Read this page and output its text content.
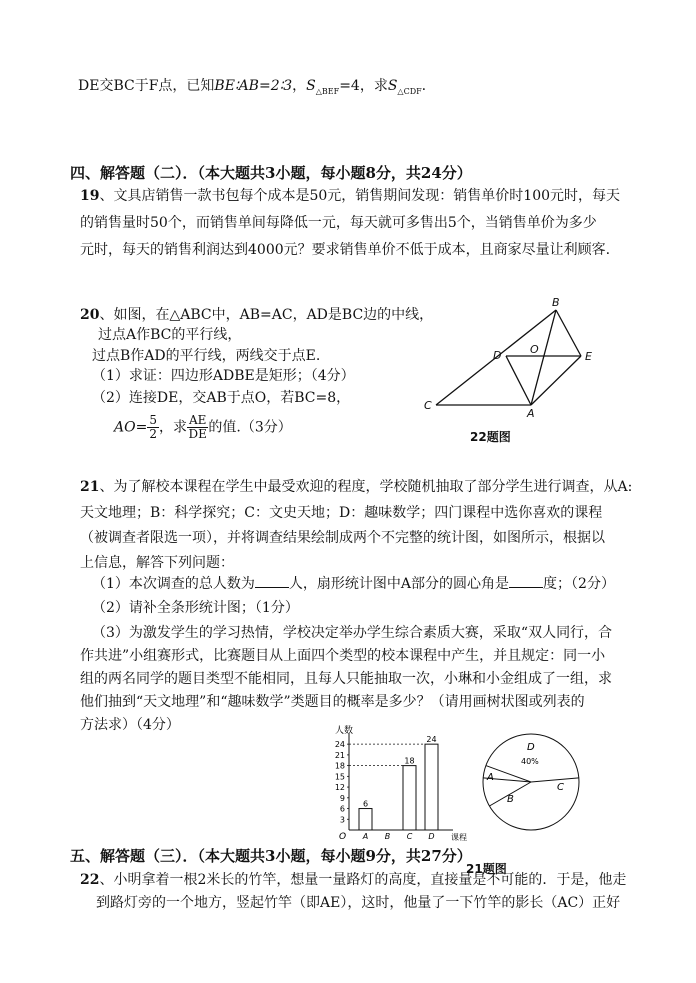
DE交BC于F点，已知BE∶AB=2∶3，$S_{\triangle BEF}=4$，求$S_{\triangle CDF}$.
四、解答题（二）．（本大题共3小题，每小题8分，共24分）
19、文具店销售一款书包每个成本是50元，销售期间发现：销售单价时100元时，每天
的销售量时50个，而销售单间每降低一元，每天就可多售出5个，当销售单价为多少
元时，每天的销售利润达到4000元？要求销售单价不低于成本，且商家尽量让利顾客.
20、如图，在△ABC中，AB=AC，AD是BC边的中线，
过点A作BC的平行线，
过点B作AD的平行线，两线交于点E.
（1）求证：四边形ADBE是矩形；（4分）
（2）连接DE，交AB于点O，若BC=8，
$AO= \frac{5}{2}$ ，求 $\frac{AE}{DE}$ 的值.（3分）
B
D	O
E
C
A
22题图
21、为了解校本课程在学生中最受欢迎的程度，学校随机抽取了部分学生进行调查，从A:
天文地理；B：科学探究；C：文史天地；D：趣味数学；四门课程中选你喜欢的课程
（被调查者限选一项），并将调查结果绘制成两个不完整的统计图，如图所示，根据以
上信息，解答下列问题：
（1）本次调查的总人数为 人，扇形统计图中A部分的圆心角是 度；（2分）
（2）请补全条形统计图；（1分）
（3）为激发学生的学习热情，学校决定举办学生综合素质大赛，采取“双人同行，合
作共进”小组赛形式，比赛题目从上面四个类型的校本课程中产生，并且规定：同一小
组的两名同学的题目类型不能相同，且每人只能抽取一次，小琳和小金组成了一组，求
他们抽到“天文地理”和“趣味数学”类题目的概率是多少？（请用画树状图或列表的
方法求）（4分）	人数
O	课程
3
6
9
12
15
18
21
24
A
6
B C
18
D
24
D
A
B
C
40%
21题图
五、解答题（三）．（本大题共3小题，每小题9分，共27分）
22、小明拿着一根2米长的竹竿，想量一量路灯的高度，直接量是不可能的．于是，他走
到路灯旁的一个地方，竖起竹竿（即AE），这时，他量了一下竹竿的影长（AC）正好
